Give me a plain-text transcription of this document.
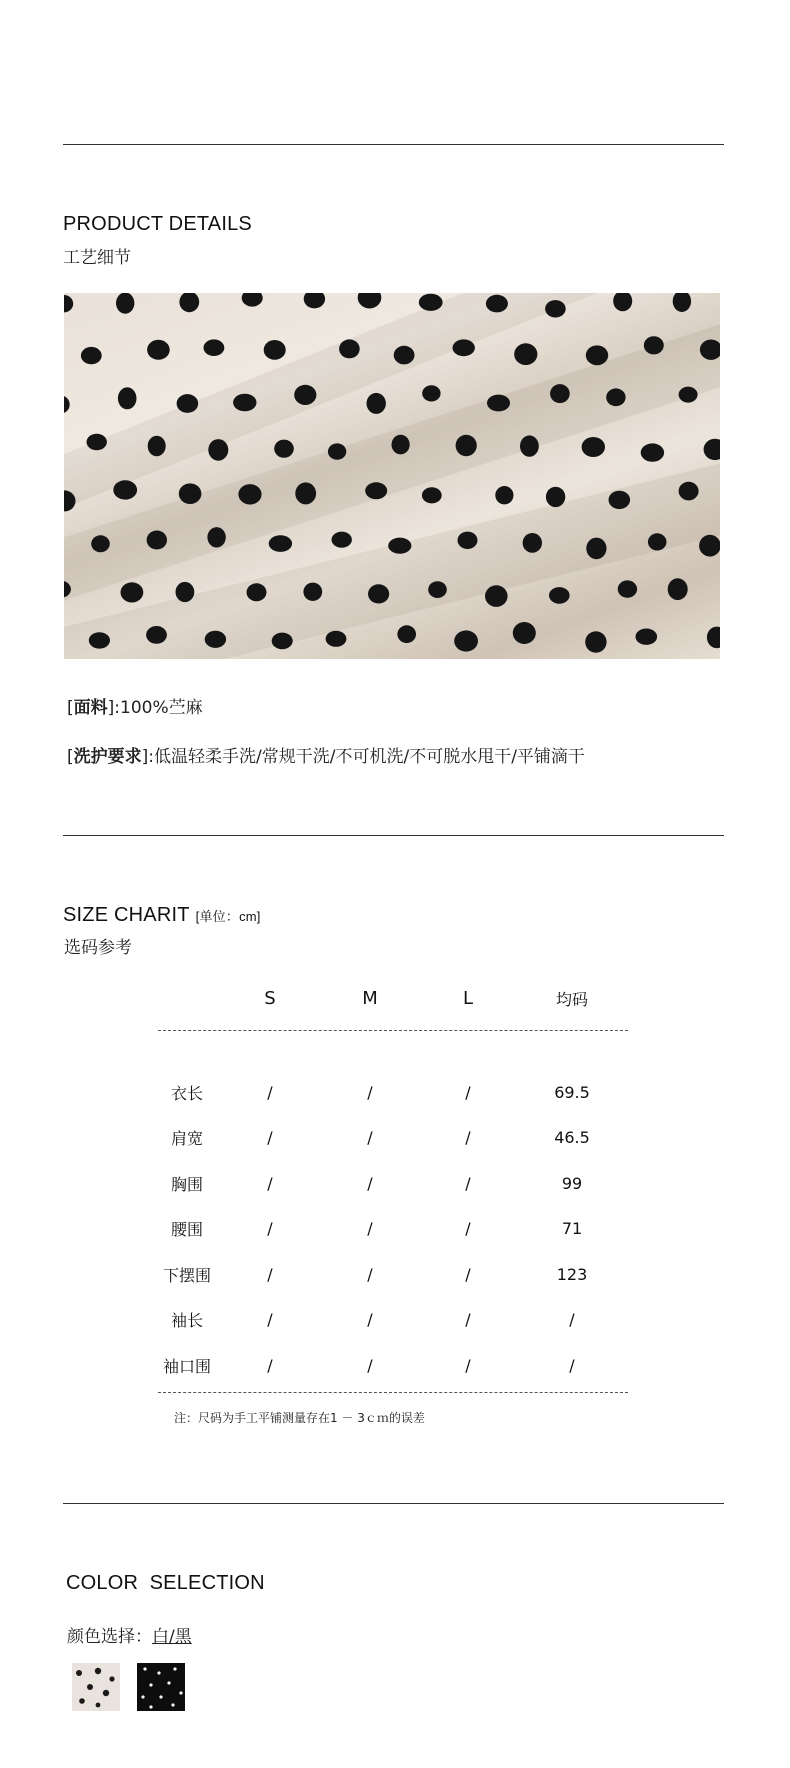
PRODUCT DETAILS
工艺细节
[面料]:100%苎麻
[洗护要求]:低温轻柔手洗/常规干洗/不可机洗/不可脱水甩干/平铺滴干
SIZE CHARIT [单位：cm]
选码参考
	S	M	L	均码

衣长	/	/	/	69.5
肩宽	/	/	/	46.5
胸围	/	/	/	99
腰围	/	/	/	71
下摆围	/	/	/	123
袖长	/	/	/	/
袖口围	/	/	/	/
注：尺码为手工平铺测量存在1 － 3ｃｍ的误差
COLOR  SELECTION
颜色选择：白/黑
